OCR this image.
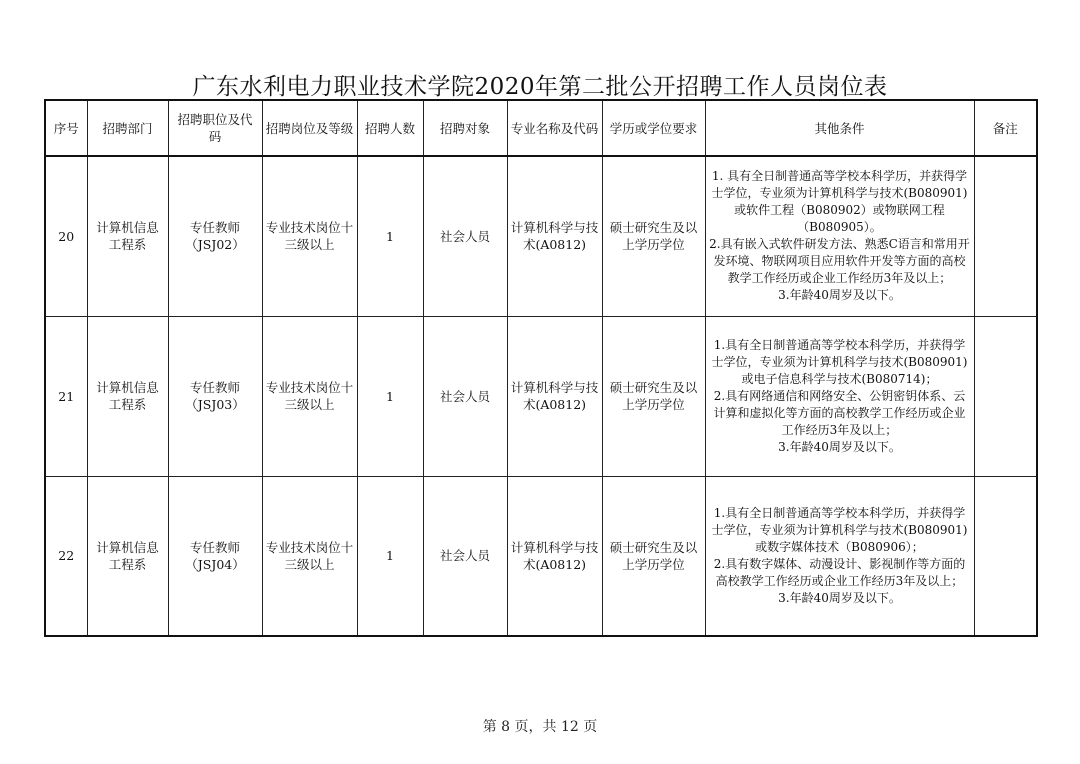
广东水利电力职业技术学院2020年第二批公开招聘工作人员岗位表
序号	招聘部门	招聘职位及代码	招聘岗位及等级	招聘人数	招聘对象	专业名称及代码	学历或学位要求	其他条件	备注
20	计算机信息工程系	专任教师（JSJ02）	专业技术岗位十三级以上	1	社会人员	计算机科学与技术(A0812)	硕士研究生及以上学历学位	1. 具有全日制普通高等学校本科学历，并获得学士学位，专业须为计算机科学与技术(B080901)或软件工程（B080902）或物联网工程（B080905）。
2.具有嵌入式软件研发方法、熟悉C语言和常用开发环境、物联网项目应用软件开发等方面的高校教学工作经历或企业工作经历3年及以上；
3.年龄40周岁及以下。	

21	计算机信息工程系	专任教师（JSJ03）	专业技术岗位十三级以上	1	社会人员	计算机科学与技术(A0812)	硕士研究生及以上学历学位	1.具有全日制普通高等学校本科学历，并获得学士学位，专业须为计算机科学与技术(B080901)或电子信息科学与技术(B080714)；
2.具有网络通信和网络安全、公钥密钥体系、云计算和虚拟化等方面的高校教学工作经历或企业工作经历3年及以上；
3.年龄40周岁及以下。	

22	计算机信息工程系	专任教师（JSJ04）	专业技术岗位十三级以上	1	社会人员	计算机科学与技术(A0812)	硕士研究生及以上学历学位	1.具有全日制普通高等学校本科学历，并获得学士学位，专业须为计算机科学与技术(B080901)或数字媒体技术（B080906）；
2.具有数字媒体、动漫设计、影视制作等方面的高校教学工作经历或企业工作经历3年及以上；
3.年龄40周岁及以下。	

第 8 页，共 12 页
